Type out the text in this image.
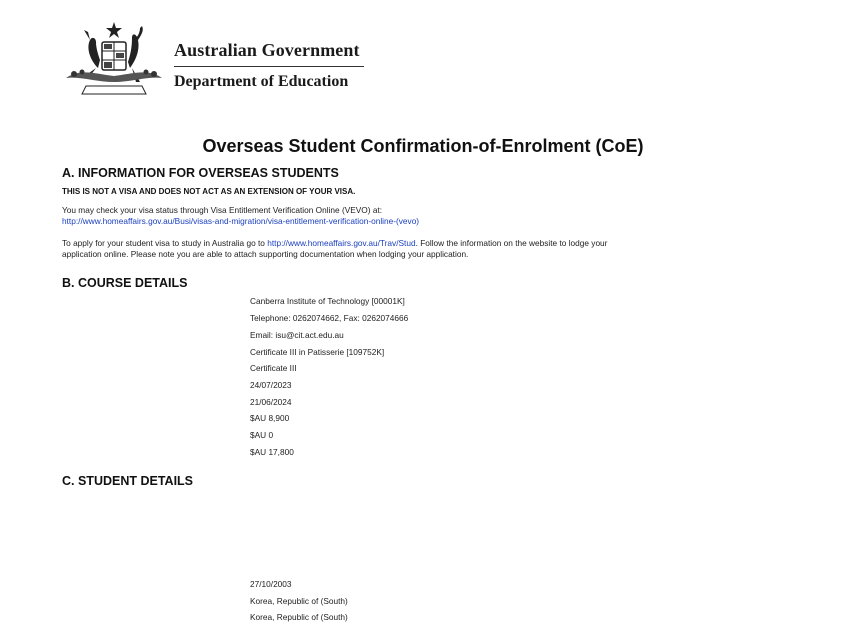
Australian Government
Department of Education
Overseas Student Confirmation-of-Enrolment (CoE)
A. INFORMATION FOR OVERSEAS STUDENTS
THIS IS NOT A VISA AND DOES NOT ACT AS AN EXTENSION OF YOUR VISA.
You may check your visa status through Visa Entitlement Verification Online (VEVO) at:
http://www.homeaffairs.gov.au/Busi/visas-and-migration/visa-entitlement-verification-online-(vevo)
To apply for your student visa to study in Australia go to http://www.homeaffairs.gov.au/Trav/Stud. Follow the information on the website to lodge your
application online. Please note you are able to attach supporting documentation when lodging your application.
B. COURSE DETAILS
Canberra Institute of Technology [00001K]
Telephone: 0262074662, Fax: 0262074666
Email: isu@cit.act.edu.au
Certificate III in Patisserie [109752K]
Certificate III
24/07/2023
21/06/2024
$AU 8,900
$AU 0
$AU 17,800
C. STUDENT DETAILS
27/10/2003
Korea, Republic of (South)
Korea, Republic of (South)
